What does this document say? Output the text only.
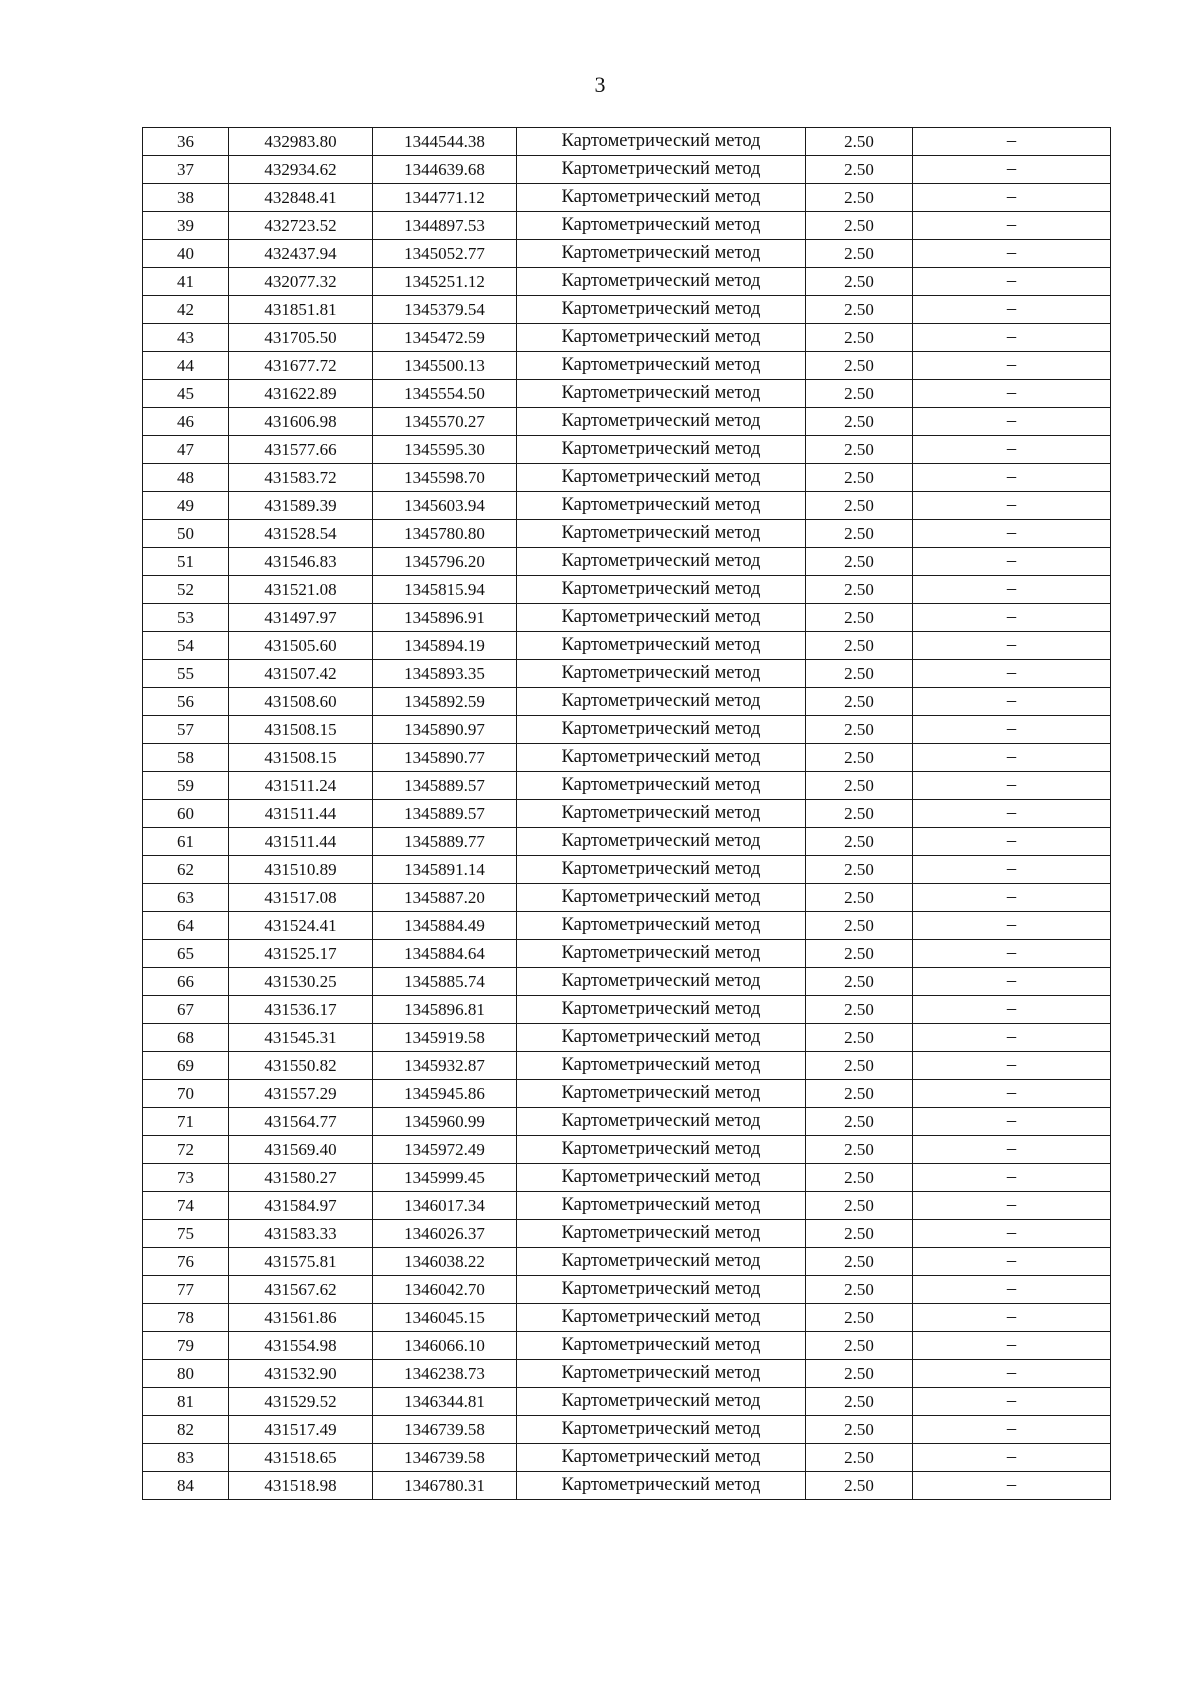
3
36	432983.80	1344544.38	Картометрический метод	2.50	–
37	432934.62	1344639.68	Картометрический метод	2.50	–
38	432848.41	1344771.12	Картометрический метод	2.50	–
39	432723.52	1344897.53	Картометрический метод	2.50	–
40	432437.94	1345052.77	Картометрический метод	2.50	–
41	432077.32	1345251.12	Картометрический метод	2.50	–
42	431851.81	1345379.54	Картометрический метод	2.50	–
43	431705.50	1345472.59	Картометрический метод	2.50	–
44	431677.72	1345500.13	Картометрический метод	2.50	–
45	431622.89	1345554.50	Картометрический метод	2.50	–
46	431606.98	1345570.27	Картометрический метод	2.50	–
47	431577.66	1345595.30	Картометрический метод	2.50	–
48	431583.72	1345598.70	Картометрический метод	2.50	–
49	431589.39	1345603.94	Картометрический метод	2.50	–
50	431528.54	1345780.80	Картометрический метод	2.50	–
51	431546.83	1345796.20	Картометрический метод	2.50	–
52	431521.08	1345815.94	Картометрический метод	2.50	–
53	431497.97	1345896.91	Картометрический метод	2.50	–
54	431505.60	1345894.19	Картометрический метод	2.50	–
55	431507.42	1345893.35	Картометрический метод	2.50	–
56	431508.60	1345892.59	Картометрический метод	2.50	–
57	431508.15	1345890.97	Картометрический метод	2.50	–
58	431508.15	1345890.77	Картометрический метод	2.50	–
59	431511.24	1345889.57	Картометрический метод	2.50	–
60	431511.44	1345889.57	Картометрический метод	2.50	–
61	431511.44	1345889.77	Картометрический метод	2.50	–
62	431510.89	1345891.14	Картометрический метод	2.50	–
63	431517.08	1345887.20	Картометрический метод	2.50	–
64	431524.41	1345884.49	Картометрический метод	2.50	–
65	431525.17	1345884.64	Картометрический метод	2.50	–
66	431530.25	1345885.74	Картометрический метод	2.50	–
67	431536.17	1345896.81	Картометрический метод	2.50	–
68	431545.31	1345919.58	Картометрический метод	2.50	–
69	431550.82	1345932.87	Картометрический метод	2.50	–
70	431557.29	1345945.86	Картометрический метод	2.50	–
71	431564.77	1345960.99	Картометрический метод	2.50	–
72	431569.40	1345972.49	Картометрический метод	2.50	–
73	431580.27	1345999.45	Картометрический метод	2.50	–
74	431584.97	1346017.34	Картометрический метод	2.50	–
75	431583.33	1346026.37	Картометрический метод	2.50	–
76	431575.81	1346038.22	Картометрический метод	2.50	–
77	431567.62	1346042.70	Картометрический метод	2.50	–
78	431561.86	1346045.15	Картометрический метод	2.50	–
79	431554.98	1346066.10	Картометрический метод	2.50	–
80	431532.90	1346238.73	Картометрический метод	2.50	–
81	431529.52	1346344.81	Картометрический метод	2.50	–
82	431517.49	1346739.58	Картометрический метод	2.50	–
83	431518.65	1346739.58	Картометрический метод	2.50	–
84	431518.98	1346780.31	Картометрический метод	2.50	–
